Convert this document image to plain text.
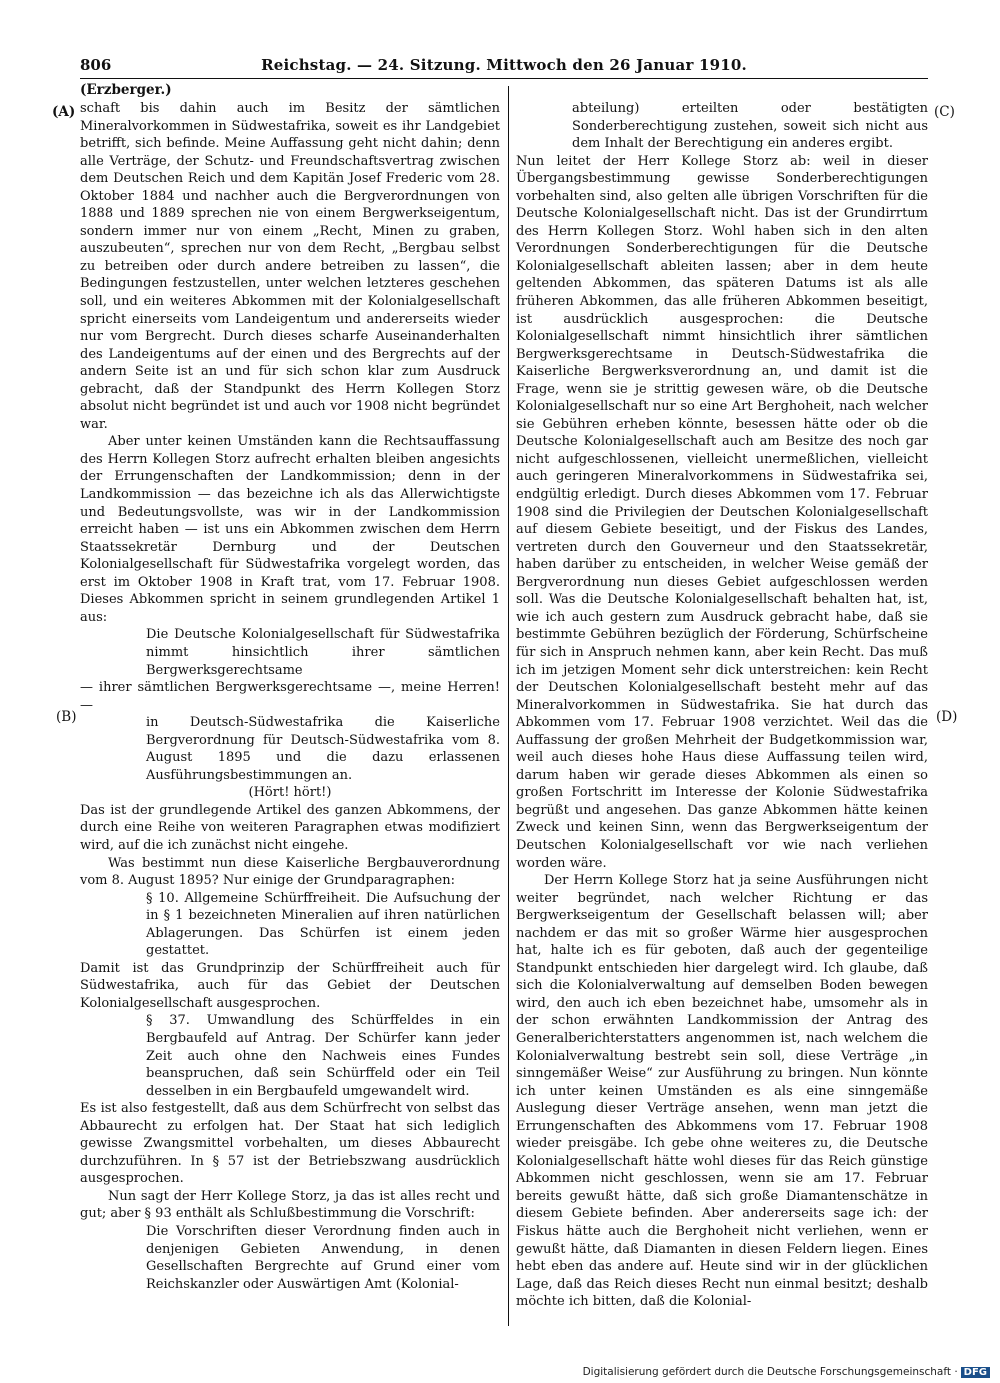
806	Reichstag. — 24. Sitzung. Mittwoch den 26 Januar 1910.
(Erzberger.)
(A)
(B)
(C)
(D)

schaft bis dahin auch im Besitz der sämtlichen Mineralvorkommen in Südwestafrika, soweit es ihr Landgebiet betrifft, sich befinde. Meine Auffassung geht nicht dahin; denn alle Verträge, der Schutz- und Freundschaftsvertrag zwischen dem Deutschen Reich und dem Kapitän Josef Frederic vom 28. Oktober 1884 und nachher auch die Bergverordnungen von 1888 und 1889 sprechen nie von einem Bergwerkseigentum, sondern immer nur von einem „Recht, Minen zu graben, auszubeuten“, sprechen nur von dem Recht, „Bergbau selbst zu betreiben oder durch andere betreiben zu lassen“, die Bedingungen festzustellen, unter welchen letzteres geschehen soll, und ein weiteres Abkommen mit der Kolonialgesellschaft spricht einerseits vom Landeigentum und andererseits wieder nur vom Bergrecht. Durch dieses scharfe Auseinanderhalten des Landeigentums auf der einen und des Bergrechts auf der andern Seite ist an und für sich schon klar zum Ausdruck gebracht, daß der Standpunkt des Herrn Kollegen Storz absolut nicht begründet ist und auch vor 1908 nicht begründet war.

Aber unter keinen Umständen kann die Rechtsauffassung des Herrn Kollegen Storz aufrecht erhalten bleiben angesichts der Errungenschaften der Landkommission; denn in der Landkommission — das bezeichne ich als das Allerwichtigste und Bedeutungsvollste, was wir in der Landkommission erreicht haben — ist uns ein Abkommen zwischen dem Herrn Staatssekretär Dernburg und der Deutschen Kolonialgesellschaft für Südwestafrika vorgelegt worden, das erst im Oktober 1908 in Kraft trat, vom 17. Februar 1908. Dieses Abkommen spricht in seinem grundlegenden Artikel 1 aus:

Die Deutsche Kolonialgesellschaft für Südwestafrika nimmt hinsichtlich ihrer sämtlichen Bergwerksgerechtsame

— ihrer sämtlichen Bergwerksgerechtsame —, meine Herren! —

in Deutsch-Südwestafrika die Kaiserliche Bergverordnung für Deutsch-Südwestafrika vom 8. August 1895 und die dazu erlassenen Ausführungsbestimmungen an.

(Hört! hört!)

Das ist der grundlegende Artikel des ganzen Abkommens, der durch eine Reihe von weiteren Paragraphen etwas modifiziert wird, auf die ich zunächst nicht eingehe.

Was bestimmt nun diese Kaiserliche Bergbauverordnung vom 8. August 1895? Nur einige der Grundparagraphen:

§ 10. Allgemeine Schürffreiheit. Die Aufsuchung der in § 1 bezeichneten Mineralien auf ihren natürlichen Ablagerungen. Das Schürfen ist einem jeden gestattet.

Damit ist das Grundprinzip der Schürffreiheit auch für Südwestafrika, auch für das Gebiet der Deutschen Kolonialgesellschaft ausgesprochen.

§ 37. Umwandlung des Schürffeldes in ein Bergbaufeld auf Antrag. Der Schürfer kann jeder Zeit auch ohne den Nachweis eines Fundes beanspruchen, daß sein Schürffeld oder ein Teil desselben in ein Bergbaufeld umgewandelt wird.

Es ist also festgestellt, daß aus dem Schürfrecht von selbst das Abbaurecht zu erfolgen hat. Der Staat hat sich lediglich gewisse Zwangsmittel vorbehalten, um dieses Abbaurecht durchzuführen. In § 57 ist der Betriebszwang ausdrücklich ausgesprochen.

Nun sagt der Herr Kollege Storz, ja das ist alles recht und gut; aber § 93 enthält als Schlußbestimmung die Vorschrift:

Die Vorschriften dieser Verordnung finden auch in denjenigen Gebieten Anwendung, in denen Gesellschaften Bergrechte auf Grund einer vom Reichskanzler oder Auswärtigen Amt (Kolonial-

abteilung) erteilten oder bestätigten Sonderberechtigung zustehen, soweit sich nicht aus dem Inhalt der Berechtigung ein anderes ergibt.

Nun leitet der Herr Kollege Storz ab: weil in dieser Übergangsbestimmung gewisse Sonderberechtigungen vorbehalten sind, also gelten alle übrigen Vorschriften für die Deutsche Kolonialgesellschaft nicht. Das ist der Grundirrtum des Herrn Kollegen Storz. Wohl haben sich in den alten Verordnungen Sonderberechtigungen für die Deutsche Kolonialgesellschaft ableiten lassen; aber in dem heute geltenden Abkommen, das späteren Datums ist als alle früheren Abkommen, das alle früheren Abkommen beseitigt, ist ausdrücklich ausgesprochen: die Deutsche Kolonialgesellschaft nimmt hinsichtlich ihrer sämtlichen Bergwerksgerechtsame in Deutsch-Südwestafrika die Kaiserliche Bergwerksverordnung an, und damit ist die Frage, wenn sie je strittig gewesen wäre, ob die Deutsche Kolonialgesellschaft nur so eine Art Berghoheit, nach welcher sie Gebühren erheben könnte, besessen hätte oder ob die Deutsche Kolonialgesellschaft auch am Besitze des noch gar nicht aufgeschlossenen, vielleicht unermeßlichen, vielleicht auch geringeren Mineralvorkommens in Südwestafrika sei, endgültig erledigt. Durch dieses Abkommen vom 17. Februar 1908 sind die Privilegien der Deutschen Kolonialgesellschaft auf diesem Gebiete beseitigt, und der Fiskus des Landes, vertreten durch den Gouverneur und den Staatssekretär, haben darüber zu entscheiden, in welcher Weise gemäß der Bergverordnung nun dieses Gebiet aufgeschlossen werden soll. Was die Deutsche Kolonialgesellschaft behalten hat, ist, wie ich auch gestern zum Ausdruck gebracht habe, daß sie bestimmte Gebühren bezüglich der Förderung, Schürfscheine für sich in Anspruch nehmen kann, aber kein Recht. Das muß ich im jetzigen Moment sehr dick unterstreichen: kein Recht der Deutschen Kolonialgesellschaft besteht mehr auf das Mineralvorkommen in Südwestafrika. Sie hat durch das Abkommen vom 17. Februar 1908 verzichtet. Weil das die Auffassung der großen Mehrheit der Budgetkommission war, weil auch dieses hohe Haus diese Auffassung teilen wird, darum haben wir gerade dieses Abkommen als einen so großen Fortschritt im Interesse der Kolonie Südwestafrika begrüßt und angesehen. Das ganze Abkommen hätte keinen Zweck und keinen Sinn, wenn das Bergwerkseigentum der Deutschen Kolonialgesellschaft vor wie nach verliehen worden wäre.

Der Herrn Kollege Storz hat ja seine Ausführungen nicht weiter begründet, nach welcher Richtung er das Bergwerkseigentum der Gesellschaft belassen will; aber nachdem er das mit so großer Wärme hier ausgesprochen hat, halte ich es für geboten, daß auch der gegenteilige Standpunkt entschieden hier dargelegt wird. Ich glaube, daß sich die Kolonialverwaltung auf demselben Boden bewegen wird, den auch ich eben bezeichnet habe, umsomehr als in der schon erwähnten Landkommission der Antrag des Generalberichterstatters angenommen ist, nach welchem die Kolonialverwaltung bestrebt sein soll, diese Verträge „in sinngemäßer Weise“ zur Ausführung zu bringen. Nun könnte ich unter keinen Umständen es als eine sinngemäße Auslegung dieser Verträge ansehen, wenn man jetzt die Errungenschaften des Abkommens vom 17. Februar 1908 wieder preisgäbe. Ich gebe ohne weiteres zu, die Deutsche Kolonialgesellschaft hätte wohl dieses für das Reich günstige Abkommen nicht geschlossen, wenn sie am 17. Februar bereits gewußt hätte, daß sich große Diamantenschätze in diesem Gebiete befinden. Aber andererseits sage ich: der Fiskus hätte auch die Berghoheit nicht verliehen, wenn er gewußt hätte, daß Diamanten in diesen Feldern liegen. Eines hebt eben das andere auf. Heute sind wir in der glücklichen Lage, daß das Reich dieses Recht nun einmal besitzt; deshalb möchte ich bitten, daß die Kolonial-

Digitalisierung gefördert durch die Deutsche Forschungsgemeinschaft · DFG
